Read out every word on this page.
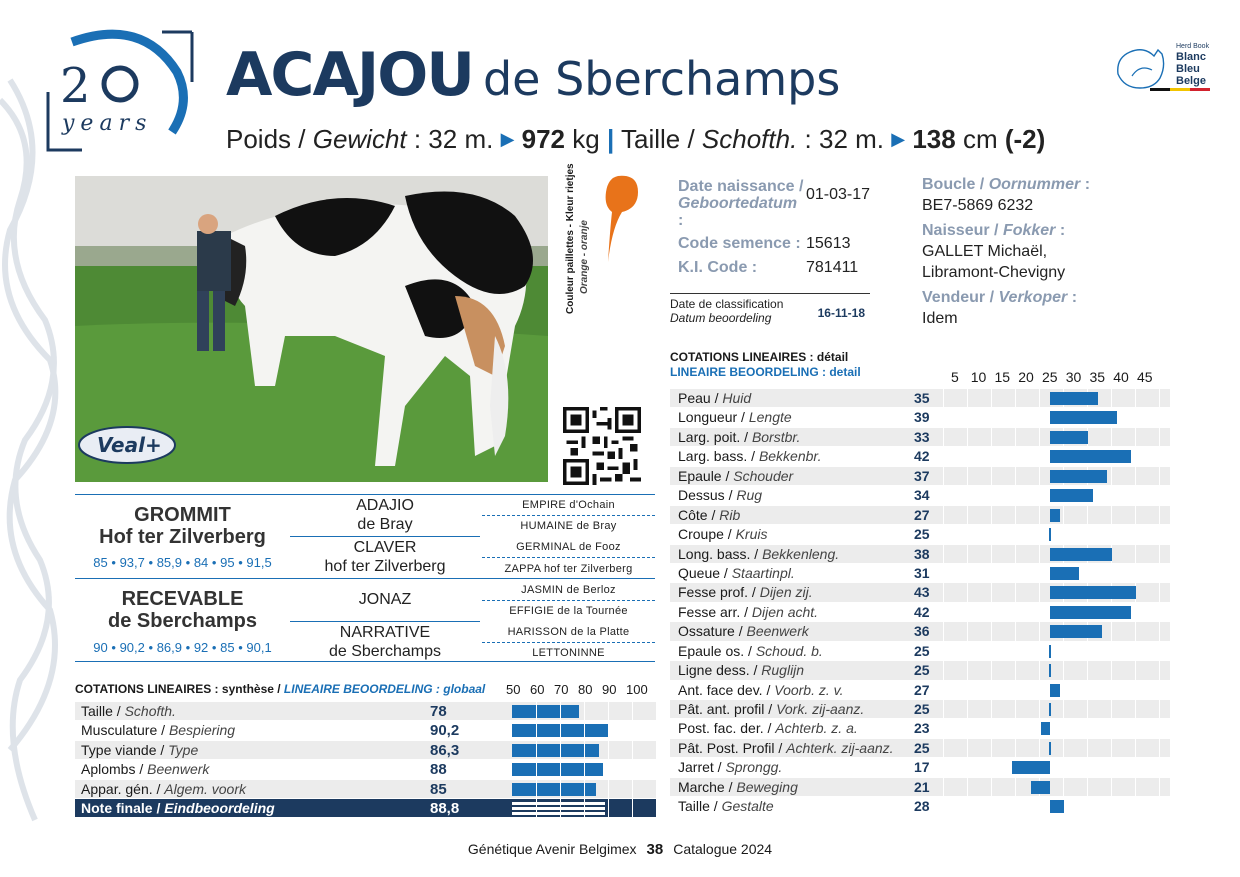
2
years
ACAJOU de Sberchamps
Poids / Gewicht : 32 m. ▶ 972 kg | Taille / Schofth. : 32 m. ▶ 138 cm (-2)
Herd Book
Blanc
Bleu
Belge
Veal+
Couleur paillettes - Kleur rietjes Orange - oranje
Date naissance /
Geboortedatum :
01-03-17
Code semence : 15613
K.I. Code :	781411
Date de classification
Datum beoordeling	16-11-18
Boucle / Oornummer :
BE7-5869 6232
Naisseur / Fokker :
GALLET Michaël,
Libramont-Chevigny
Vendeur / Verkoper :
Idem
GROMMIT
Hof ter Zilverberg
85 • 93,7 • 85,9 • 84 • 95 • 91,5
RECEVABLE
de Sberchamps
90 • 90,2 • 86,9 • 92 • 85 • 90,1
ADAJIO
de Bray
CLAVER
hof ter Zilverberg
JONAZ
NARRATIVE
de Sberchamps
EMPIRE d'Ochain
HUMAINE de Bray
GERMINAL de Fooz
ZAPPA hof ter Zilverberg
JASMIN de Berloz
EFFIGIE de la Tournée
HARISSON de la Platte
LETTONINNE
COTATIONS LINEAIRES : synthèse / LINEAIRE BEOORDELING : globaal 50 60 70 80 90 100
Taille / Schofth.	78
Musculature / Bespiering	90,2
Type viande / Type	86,3
Aplombs / Beenwerk	88
Appar. gén. / Algem. voork	85
Note finale / Eindbeoordeling	88,8
COTATIONS LINEAIRES : détail
LINEAIRE BEOORDELING : detail	5 10 15 20 25 30 35 40 45
Peau / Huid	35
Longueur / Lengte	39
Larg. poit. / Borstbr.	33
Larg. bass. / Bekkenbr.	42
Epaule / Schouder	37
Dessus / Rug	34
Côte / Rib	27
Croupe / Kruis	25
Long. bass. / Bekkenleng.	38
Queue / Staartinpl.	31
Fesse prof. / Dijen zij.	43
Fesse arr. / Dijen acht.	42
Ossature / Beenwerk	36
Epaule os. / Schoud. b.	25
Ligne dess. / Ruglijn	25
Ant. face dev. / Voorb. z. v.	27
Pât. ant. profil / Vork. zij-aanz.	25
Post. fac. der. / Achterb. z. a.	23
Pât. Post. Profil / Achterk. zij-aanz. 25
Jarret / Sprongg.	17
Marche / Beweging	21
Taille / Gestalte	28
Génétique Avenir Belgimex 38 Catalogue 2024
